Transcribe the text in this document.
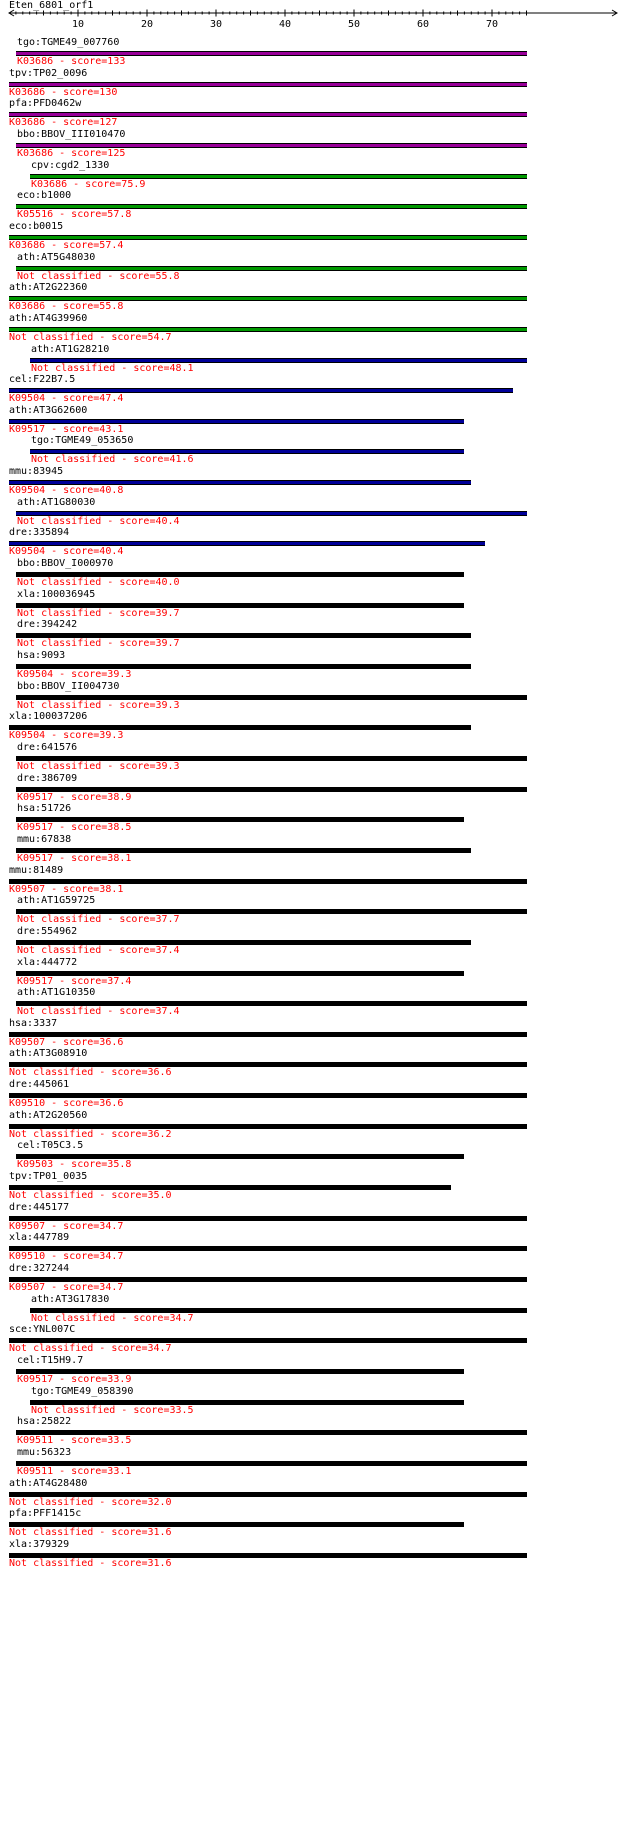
Eten_6801_orf1
10	20	30	40	50	60	70
tgo:TGME49_007760
K03686 - score=133
tpv:TP02_0096
K03686 - score=130
pfa:PFD0462w
K03686 - score=127
bbo:BBOV_III010470
K03686 - score=125
cpv:cgd2_1330
K03686 - score=75.9
eco:b1000
K05516 - score=57.8
eco:b0015
K03686 - score=57.4
ath:AT5G48030
Not classified - score=55.8
ath:AT2G22360
K03686 - score=55.8
ath:AT4G39960
Not classified - score=54.7
ath:AT1G28210
Not classified - score=48.1
cel:F22B7.5
K09504 - score=47.4
ath:AT3G62600
K09517 - score=43.1
tgo:TGME49_053650
Not classified - score=41.6
mmu:83945
K09504 - score=40.8
ath:AT1G80030
Not classified - score=40.4
dre:335894
K09504 - score=40.4
bbo:BBOV_I000970
Not classified - score=40.0
xla:100036945
Not classified - score=39.7
dre:394242
Not classified - score=39.7
hsa:9093
K09504 - score=39.3
bbo:BBOV_II004730
Not classified - score=39.3
xla:100037206
K09504 - score=39.3
dre:641576
Not classified - score=39.3
dre:386709
K09517 - score=38.9
hsa:51726
K09517 - score=38.5
mmu:67838
K09517 - score=38.1
mmu:81489
K09507 - score=38.1
ath:AT1G59725
Not classified - score=37.7
dre:554962
Not classified - score=37.4
xla:444772
K09517 - score=37.4
ath:AT1G10350
Not classified - score=37.4
hsa:3337
K09507 - score=36.6
ath:AT3G08910
Not classified - score=36.6
dre:445061
K09510 - score=36.6
ath:AT2G20560
Not classified - score=36.2
cel:T05C3.5
K09503 - score=35.8
tpv:TP01_0035
Not classified - score=35.0
dre:445177
K09507 - score=34.7
xla:447789
K09510 - score=34.7
dre:327244
K09507 - score=34.7
ath:AT3G17830
Not classified - score=34.7
sce:YNL007C
Not classified - score=34.7
cel:T15H9.7
K09517 - score=33.9
tgo:TGME49_058390
Not classified - score=33.5
hsa:25822
K09511 - score=33.5
mmu:56323
K09511 - score=33.1
ath:AT4G28480
Not classified - score=32.0
pfa:PFF1415c
Not classified - score=31.6
xla:379329
Not classified - score=31.6
